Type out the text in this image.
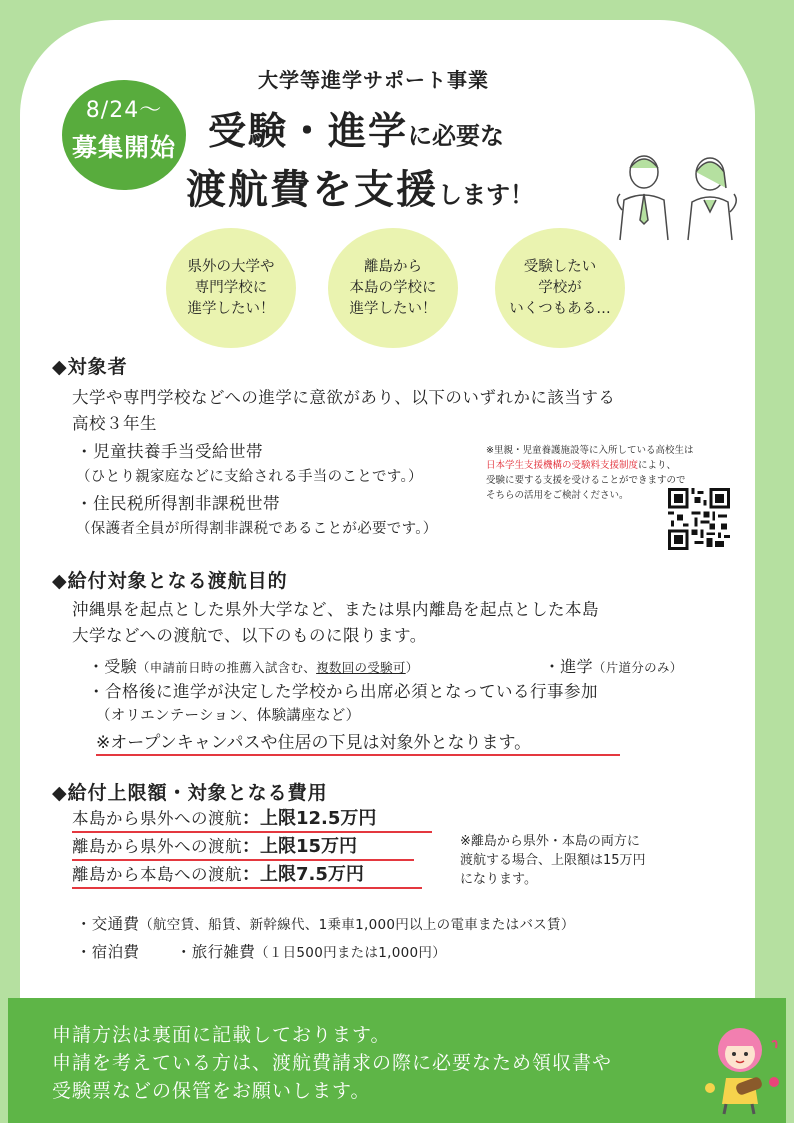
大学等進学サポート事業
8/24～
募集開始 受験・進学に必要な
渡航費を支援します！
県外の大学や
専門学校に
進学したい！
離島から
本島の学校に
進学したい！
受験したい
学校が
いくつもある…
◆対象者
大学や専門学校などへの進学に意欲があり、以下のいずれかに該当する
高校３年生
・児童扶養手当受給世帯
（ひとり親家庭などに支給される手当のことです。）
・住民税所得割非課税世帯
（保護者全員が所得割非課税であることが必要です。）
※里親・児童養護施設等に入所している高校生は
日本学生支援機構の受験料支援制度により、
受験に要する支援を受けることができますので
そちらの活用をご検討ください。
◆給付対象となる渡航目的
沖縄県を起点とした県外大学など、または県内離島を起点とした本島
大学などへの渡航で、以下のものに限ります。
・受験（申請前日時の推薦入試含む、複数回の受験可）	・進学（片道分のみ）
・合格後に進学が決定した学校から出席必須となっている行事参加
（オリエンテーション、体験講座など）
※オープンキャンパスや住居の下見は対象外となります。
◆給付上限額・対象となる費用
本島から県外への渡航：上限12.5万円
離島から県外への渡航：上限15万円
離島から本島への渡航：上限7.5万円
※離島から県外・本島の両方に
渡航する場合、上限額は15万円
になります。
・交通費（航空賃、船賃、新幹線代、1乗車1,000円以上の電車またはバス賃）
・宿泊費 ・旅行雑費（１日500円または1,000円）

申請方法は裏面に記載しております。

申請を考えている方は、渡航費請求の際に必要なため領収書や

受験票などの保管をお願いします。
